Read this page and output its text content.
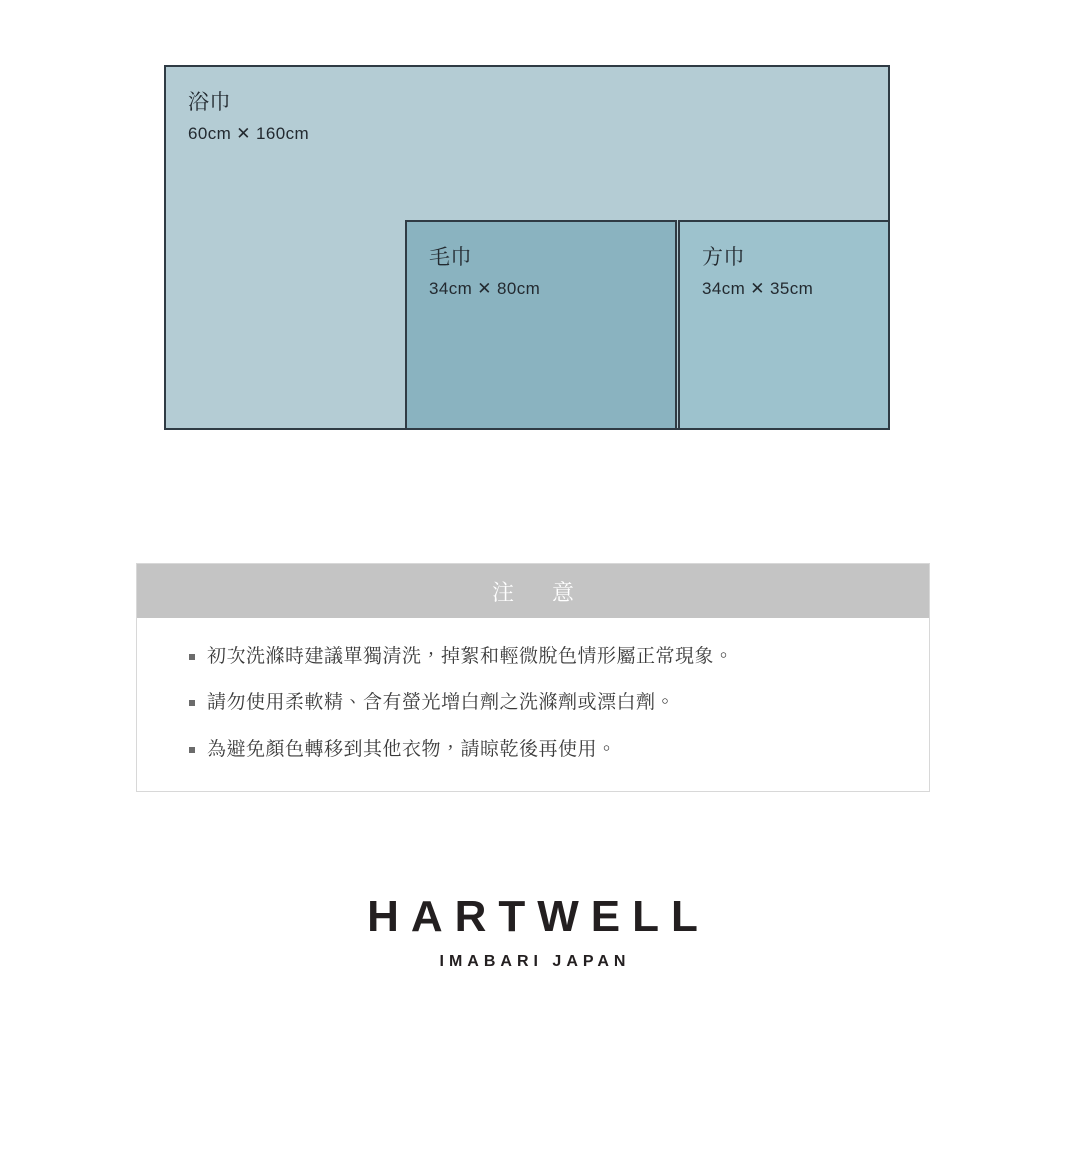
浴巾
60cm ✕ 160cm
毛巾
34cm ✕ 80cm
方巾
34cm ✕ 35cm
注 意
初次洗滌時建議單獨清洗，掉絮和輕微脫色情形屬正常現象。
請勿使用柔軟精、含有螢光增白劑之洗滌劑或漂白劑。
為避免顏色轉移到其他衣物，請晾乾後再使用。
HARTWELL
IMABARI JAPAN
